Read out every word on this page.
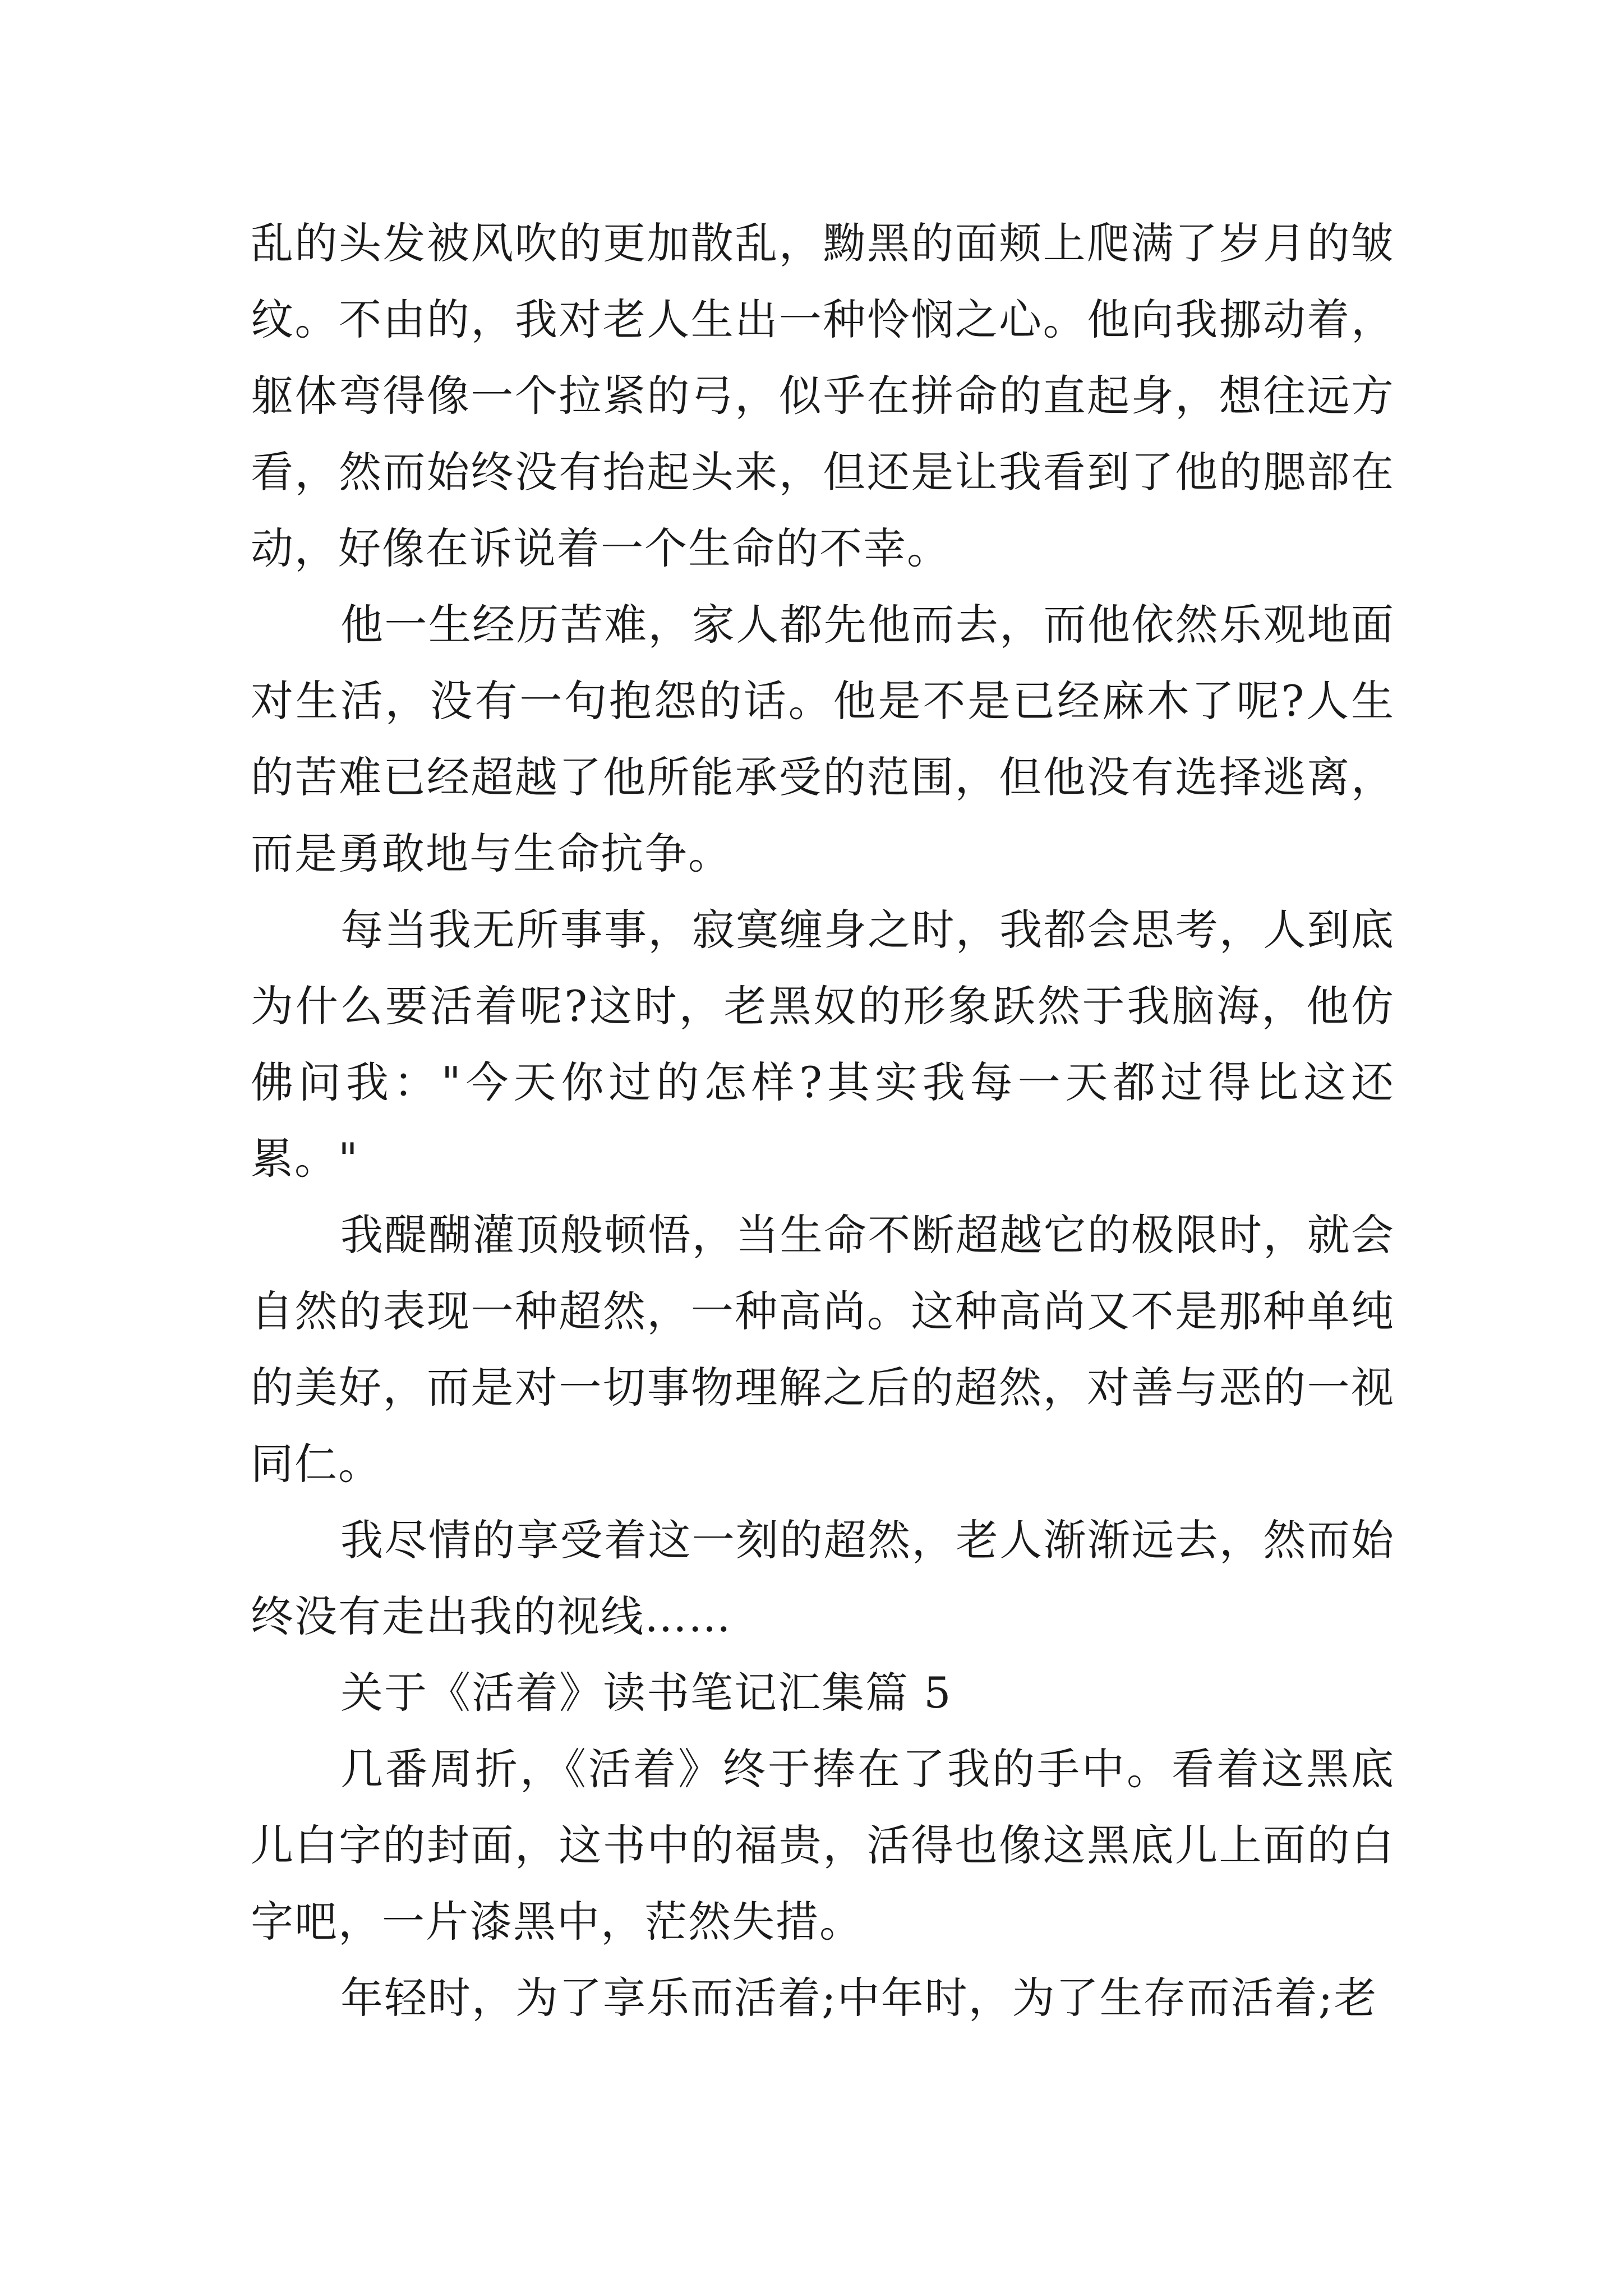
乱的头发被风吹的更加散乱，黝黑的面颊上爬满了岁月的皱纹。不由的，我对老人生出一种怜悯之心。他向我挪动着，躯体弯得像一个拉紧的弓，似乎在拼命的直起身，想往远方看，然而始终没有抬起头来，但还是让我看到了他的腮部在动，好像在诉说着一个生命的不幸。

他一生经历苦难，家人都先他而去，而他依然乐观地面对生活，没有一句抱怨的话。他是不是已经麻木了呢?人生的苦难已经超越了他所能承受的范围，但他没有选择逃离，而是勇敢地与生命抗争。

每当我无所事事，寂寞缠身之时，我都会思考，人到底为什么要活着呢?这时，老黑奴的形象跃然于我脑海，他仿佛问我："今天你过的怎样?其实我每一天都过得比这还累。"

我醍醐灌顶般顿悟，当生命不断超越它的极限时，就会自然的表现一种超然，一种高尚。这种高尚又不是那种单纯的美好，而是对一切事物理解之后的超然，对善与恶的一视同仁。

我尽情的享受着这一刻的超然，老人渐渐远去，然而始终没有走出我的视线……

关于《活着》读书笔记汇集篇 5

几番周折，《活着》终于捧在了我的手中。看着这黑底儿白字的封面，这书中的福贵，活得也像这黑底儿上面的白字吧，一片漆黑中，茫然失措。

年轻时，为了享乐而活着;中年时，为了生存而活着;老
